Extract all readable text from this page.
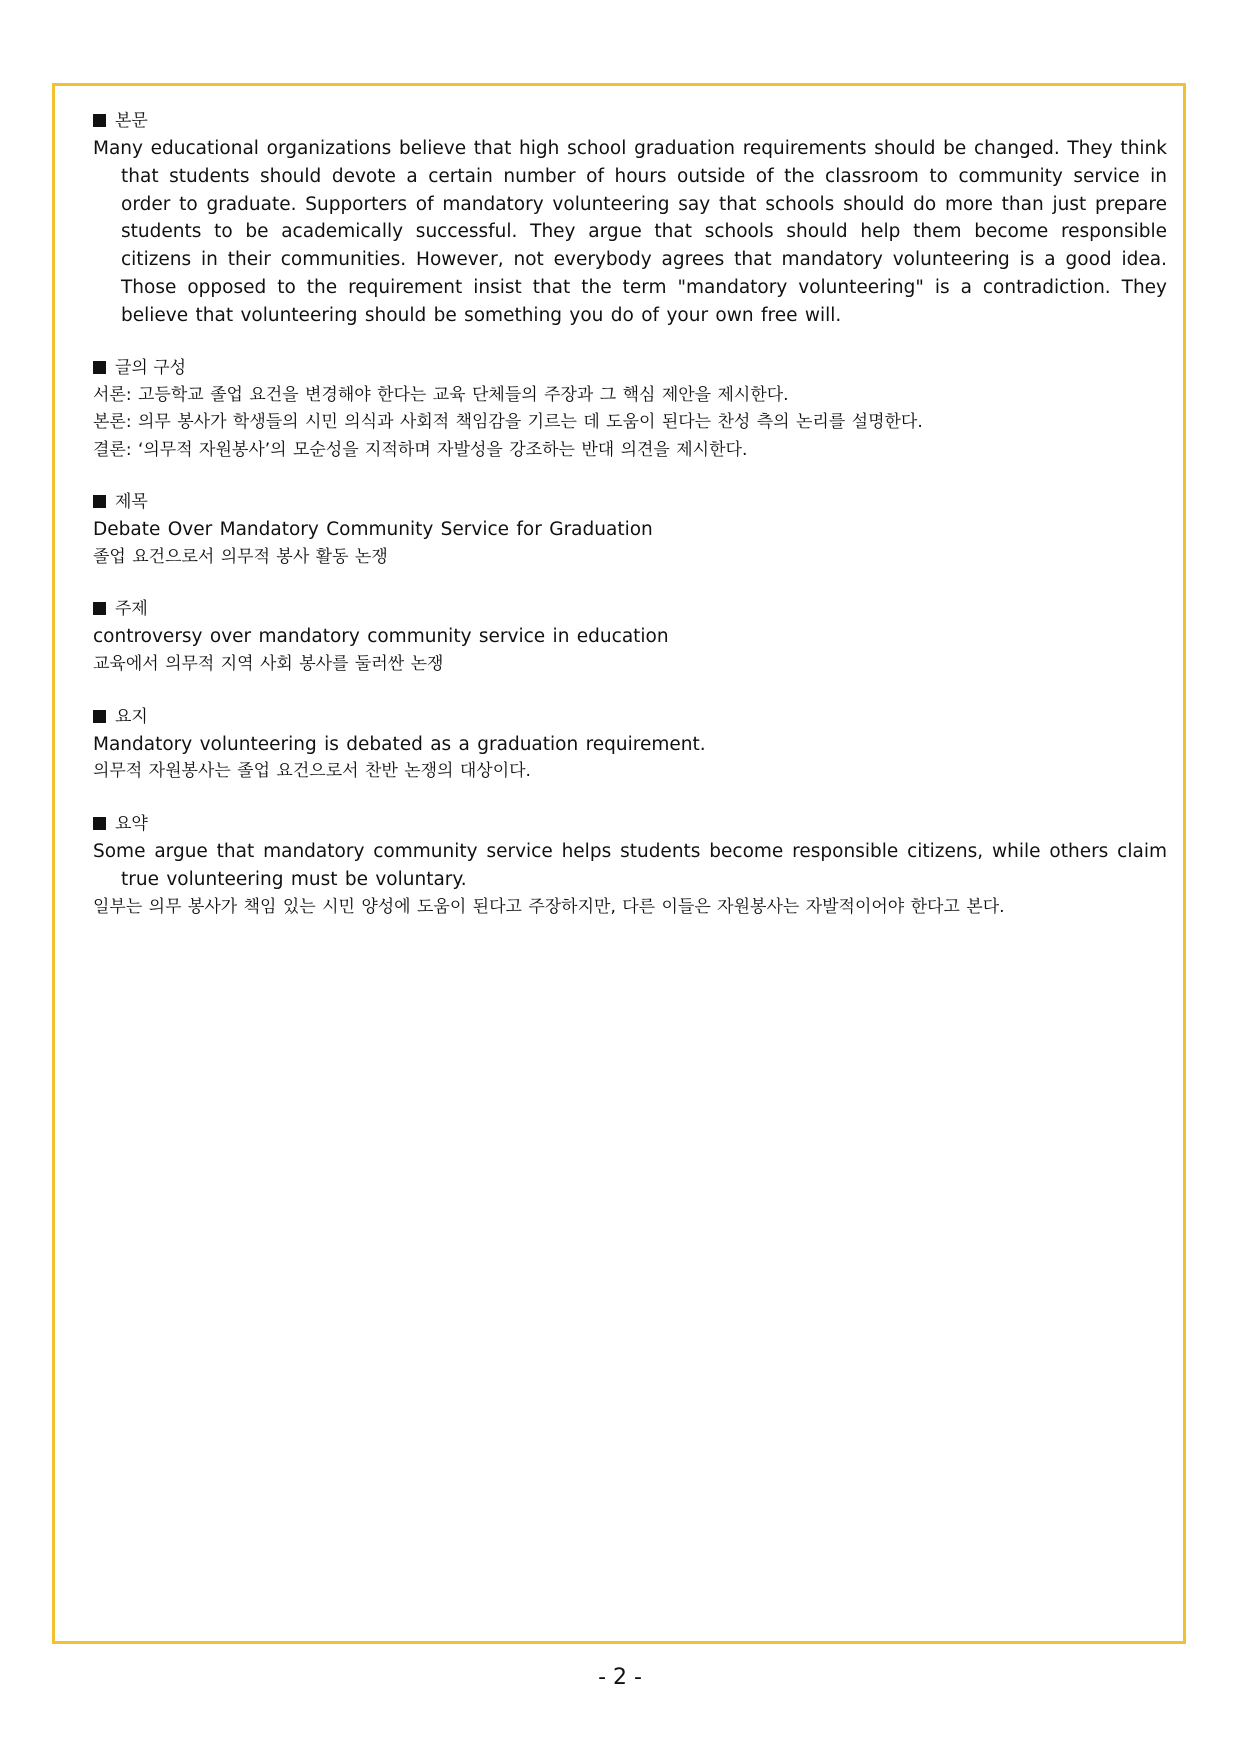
본문
Many educational organizations believe that high school graduation requirements should be changed. They think that students should devote a certain number of hours outside of the classroom to community service in order to graduate. Supporters of mandatory volunteering say that schools should do more than just prepare students to be academically successful. They argue that schools should help them become responsible citizens in their communities. However, not everybody agrees that mandatory volunteering is a good idea. Those opposed to the requirement insist that the term "mandatory volunteering" is a contradiction. They believe that volunteering should be something you do of your own free will.
글의 구성
서론: 고등학교 졸업 요건을 변경해야 한다는 교육 단체들의 주장과 그 핵심 제안을 제시한다.
본론: 의무 봉사가 학생들의 시민 의식과 사회적 책임감을 기르는 데 도움이 된다는 찬성 측의 논리를 설명한다.
결론: ‘의무적 자원봉사’의 모순성을 지적하며 자발성을 강조하는 반대 의견을 제시한다.
제목
Debate Over Mandatory Community Service for Graduation
졸업 요건으로서 의무적 봉사 활동 논쟁
주제
controversy over mandatory community service in education
교육에서 의무적 지역 사회 봉사를 둘러싼 논쟁
요지
Mandatory volunteering is debated as a graduation requirement.
의무적 자원봉사는 졸업 요건으로서 찬반 논쟁의 대상이다.
요약
Some argue that mandatory community service helps students become responsible citizens, while others claim true volunteering must be voluntary.
일부는 의무 봉사가 책임 있는 시민 양성에 도움이 된다고 주장하지만, 다른 이들은 자원봉사는 자발적이어야 한다고 본다.
- 2 -
